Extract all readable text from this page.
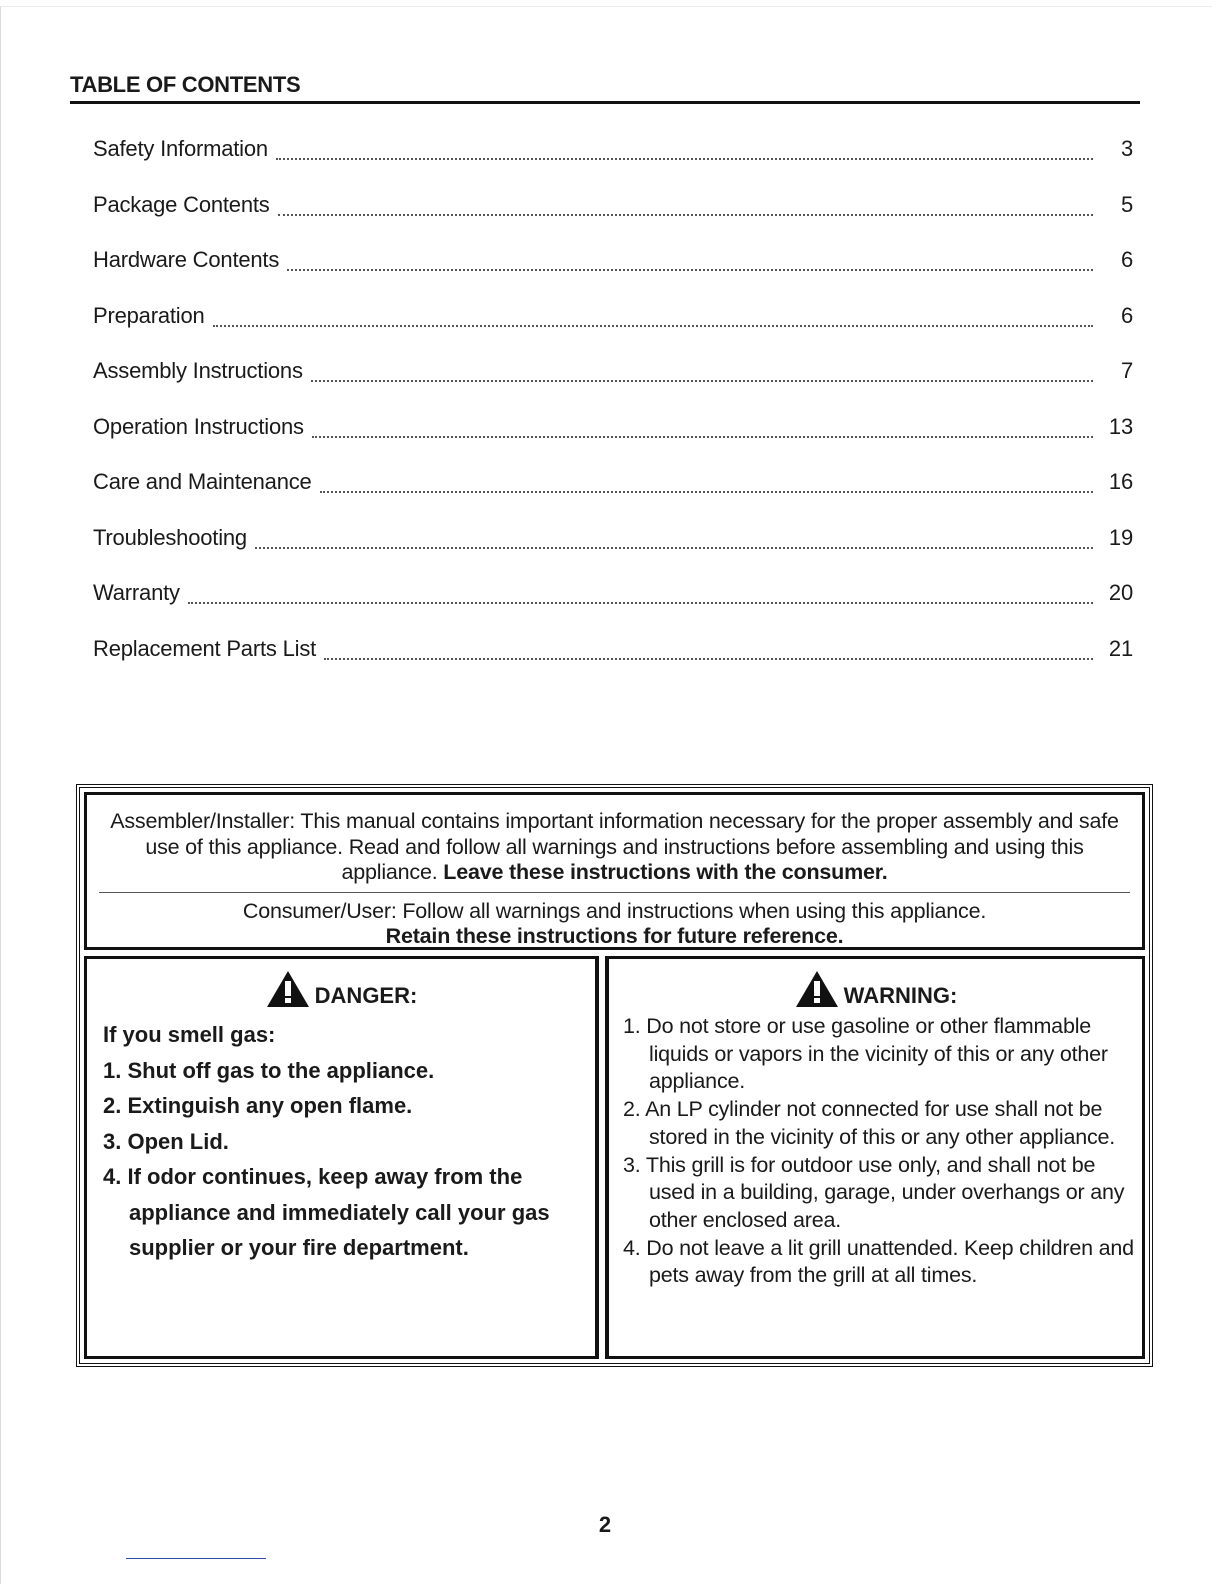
TABLE OF CONTENTS
Safety Information	3
Package Contents	5
Hardware Contents	6
Preparation	6
Assembly Instructions	7
Operation Instructions	13
Care and Maintenance	16
Troubleshooting	19
Warranty	20
Replacement Parts List	21
Assembler/Installer: This manual contains important information necessary for the proper assembly and safe use of this appliance. Read and follow all warnings and instructions before assembling and using this appliance. Leave these instructions with the consumer.
Consumer/User: Follow all warnings and instructions when using this appliance.
Retain these instructions for future reference.
DANGER:
If you smell gas:
1. Shut off gas to the appliance.
2. Extinguish any open flame.
3. Open Lid.
4. If odor continues, keep away from the appliance and immediately call your gas supplier or your fire department.
WARNING:
1. Do not store or use gasoline or other flammable liquids or vapors in the vicinity of this or any other appliance.
2. An LP cylinder not connected for use shall not be stored in the vicinity of this or any other appliance.
3. This grill is for outdoor use only, and shall not be used in a building, garage, under overhangs or any other enclosed area.
4. Do not leave a lit grill unattended. Keep children and pets away from the grill at all times.
2
